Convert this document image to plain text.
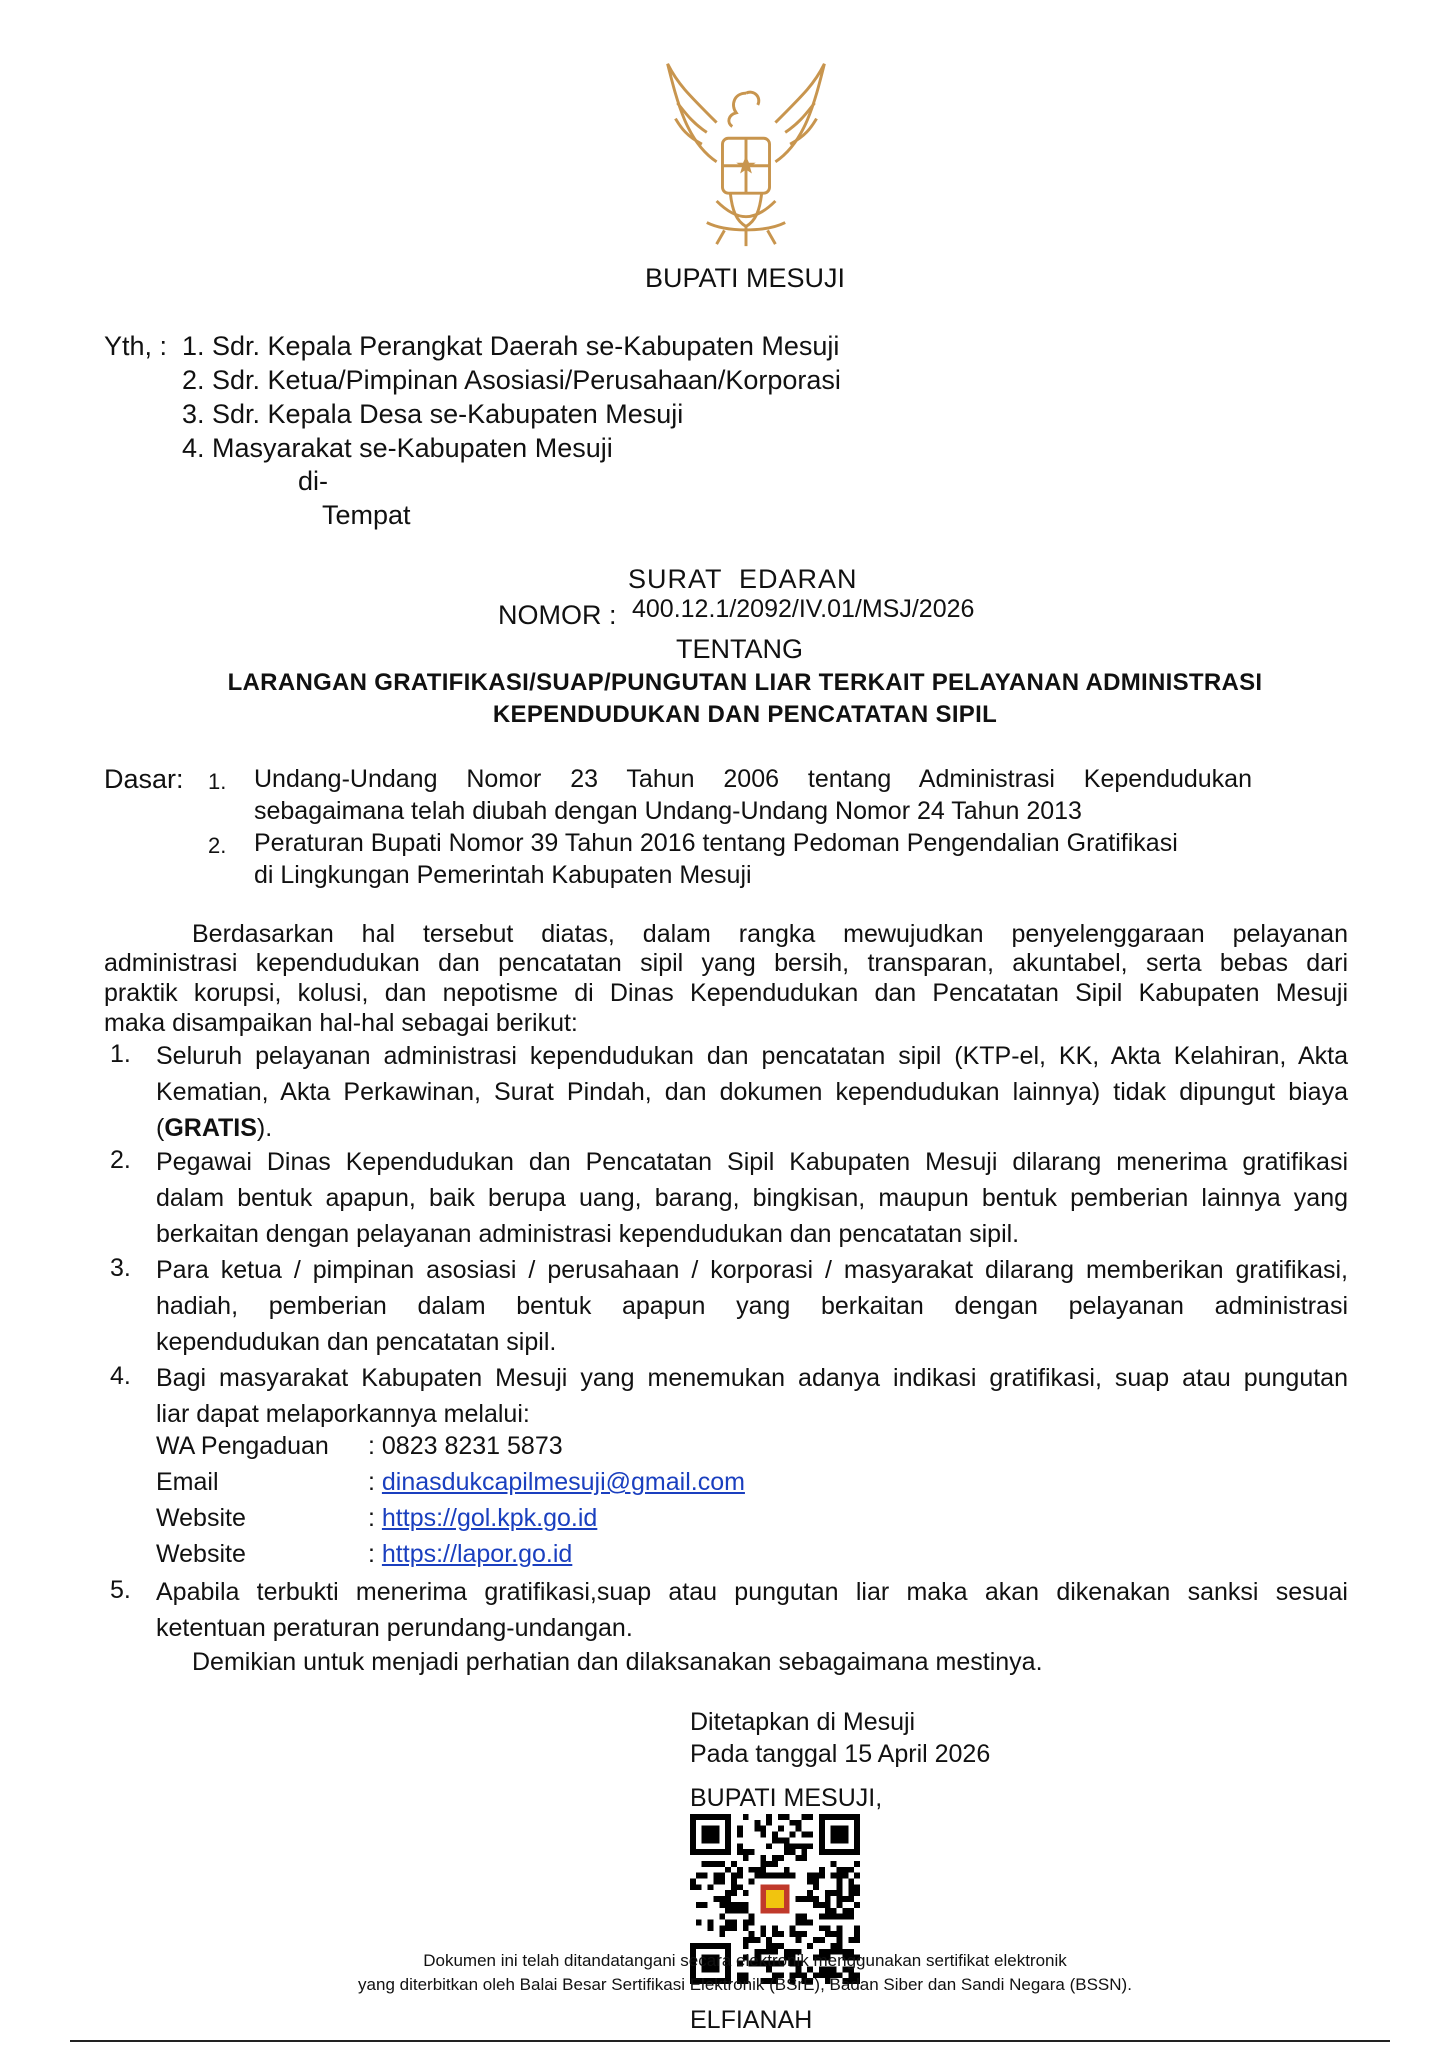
BUPATI MESUJI
Yth, : 1. Sdr. Kepala Perangkat Daerah se-Kabupaten Mesuji
2. Sdr. Ketua/Pimpinan Asosiasi/Perusahaan/Korporasi
3. Sdr. Kepala Desa se-Kabupaten Mesuji
4. Masyarakat se-Kabupaten Mesuji
di-
Tempat
SURAT  EDARAN
NOMOR : 400.12.1/2092/IV.01/MSJ/2026
TENTANG
LARANGAN GRATIFIKASI/SUAP/PUNGUTAN LIAR TERKAIT PELAYANAN ADMINISTRASI
KEPENDUDUKAN DAN PENCATATAN SIPIL
Dasar: 1. Undang-Undang Nomor 23 Tahun 2006 tentang Administrasi Kependudukan
sebagaimana telah diubah dengan Undang-Undang Nomor 24 Tahun 2013
2. Peraturan Bupati Nomor 39 Tahun 2016 tentang Pedoman Pengendalian Gratifikasi
di Lingkungan Pemerintah Kabupaten Mesuji
Berdasarkan hal tersebut diatas, dalam rangka mewujudkan penyelenggaraan pelayanan
administrasi kependudukan dan pencatatan sipil yang bersih, transparan, akuntabel, serta bebas dari
praktik korupsi, kolusi, dan nepotisme di Dinas Kependudukan dan Pencatatan Sipil Kabupaten Mesuji
maka disampaikan hal-hal sebagai berikut:
1. Seluruh pelayanan administrasi kependudukan dan pencatatan sipil (KTP-el, KK, Akta Kelahiran, Akta
Kematian, Akta Perkawinan, Surat Pindah, dan dokumen kependudukan lainnya) tidak dipungut biaya
(GRATIS).
2. Pegawai Dinas Kependudukan dan Pencatatan Sipil Kabupaten Mesuji dilarang menerima gratifikasi
dalam bentuk apapun, baik berupa uang, barang, bingkisan, maupun bentuk pemberian lainnya yang
berkaitan dengan pelayanan administrasi kependudukan dan pencatatan sipil.
3. Para ketua / pimpinan asosiasi / perusahaan / korporasi / masyarakat dilarang memberikan gratifikasi,
hadiah, pemberian dalam bentuk apapun yang berkaitan dengan pelayanan administrasi
kependudukan dan pencatatan sipil.
4. Bagi masyarakat Kabupaten Mesuji yang menemukan adanya indikasi gratifikasi, suap atau pungutan
liar dapat melaporkannya melalui:
WA Pengaduan : 0823 8231 5873
Email	: dinasdukcapilmesuji@gmail.com
Website	: https://gol.kpk.go.id
Website	: https://lapor.go.id
5. Apabila terbukti menerima gratifikasi,suap atau pungutan liar maka akan dikenakan sanksi sesuai
ketentuan peraturan perundang-undangan.
Demikian untuk menjadi perhatian dan dilaksanakan sebagaimana mestinya.
Ditetapkan di Mesuji
Pada tanggal 15 April 2026
BUPATI MESUJI,
Dokumen ini telah ditandatangani secara elektronik menggunakan sertifikat elektronik
yang diterbitkan oleh Balai Besar Sertifikasi Elektronik (BSrE), Badan Siber dan Sandi Negara (BSSN).
ELFIANAH
